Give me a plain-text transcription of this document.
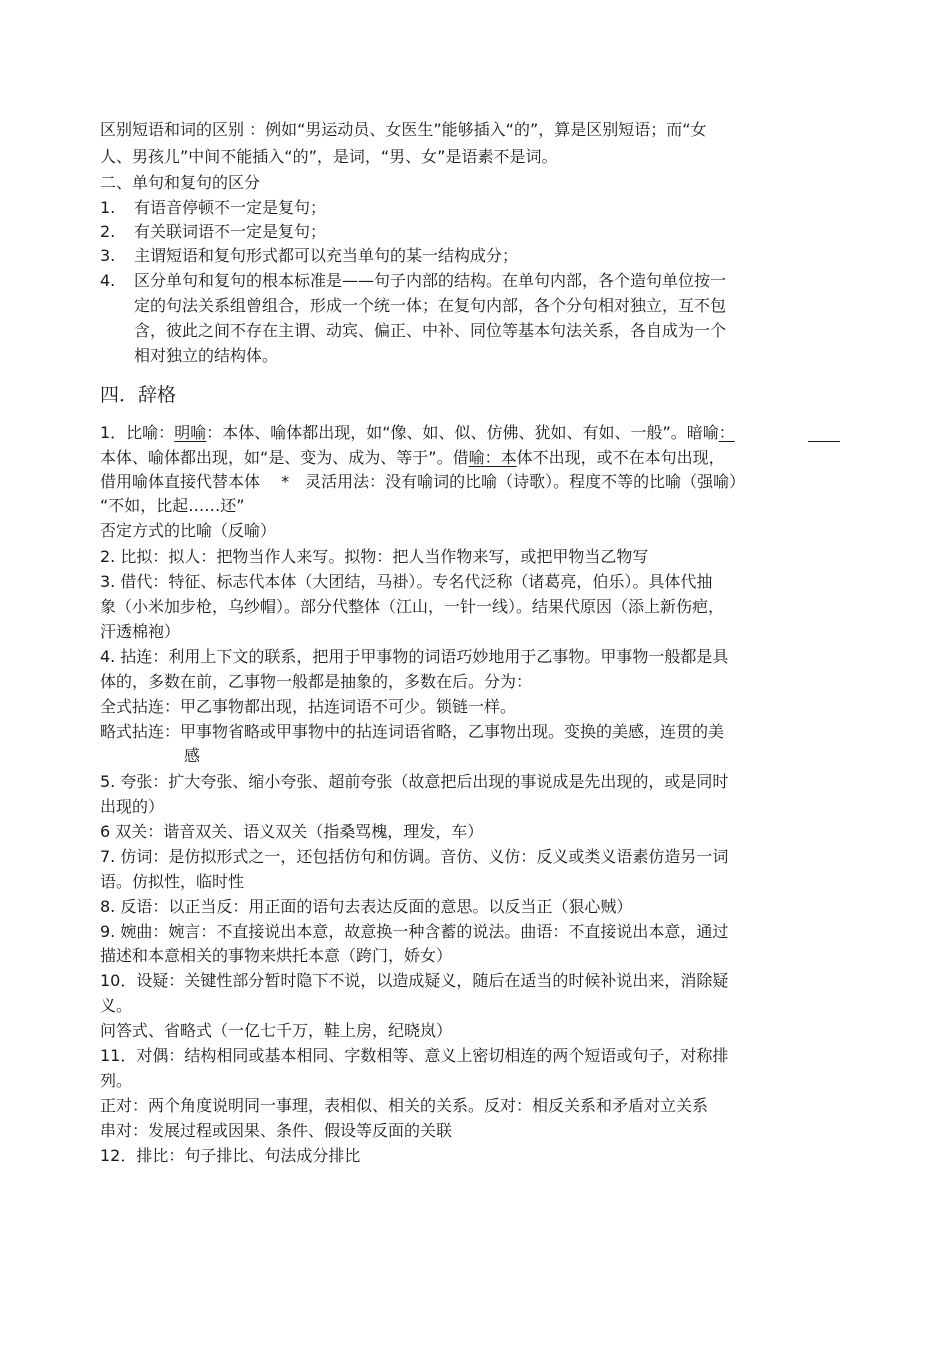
区别短语和词的区别 ：例如“男运动员、女医生”能够插入“的”，算是区别短语；而“女
人、男孩儿”中间不能插入“的”，是词，“男、女”是语素不是词。
二、单句和复句的区分
1. 有语音停顿不一定是复句；
2. 有关联词语不一定是复句；
3. 主谓短语和复句形式都可以充当单句的某一结构成分；
4. 区分单句和复句的根本标准是——句子内部的结构。在单句内部，各个造句单位按一
定的句法关系组曾组合，形成一个统一体；在复句内部，各个分句相对独立，互不包
含，彼此之间不存在主谓、动宾、偏正、中补、同位等基本句法关系，各自成为一个
相对独立的结构体。
四．辞格
1．比喻：明喻：本体、喻体都出现，如“像、如、似、仿佛、犹如、有如、一般”。暗喻：
本体、喻体都出现，如“是、变为、成为、等于”。借喻：本体不出现，或不在本句出现，
借用喻体直接代替本体　 *　灵活用法：没有喻词的比喻（诗歌）。程度不等的比喻（强喻）
“不如，比起……还”
否定方式的比喻（反喻）
2. 比拟：拟人：把物当作人来写。拟物：把人当作物来写，或把甲物当乙物写
3. 借代：特征、标志代本体（大团结，马褂）。专名代泛称（诸葛亮，伯乐）。具体代抽
象（小米加步枪，乌纱帽）。部分代整体（江山，一针一线）。结果代原因（添上新伤疤，
汗透棉袍）
4. 拈连：利用上下文的联系，把用于甲事物的词语巧妙地用于乙事物。甲事物一般都是具
体的，多数在前，乙事物一般都是抽象的，多数在后。分为：
全式拈连：甲乙事物都出现，拈连词语不可少。锁链一样。
略式拈连：甲事物省略或甲事物中的拈连词语省略，乙事物出现。变换的美感，连贯的美
感
5. 夸张：扩大夸张、缩小夸张、超前夸张（故意把后出现的事说成是先出现的，或是同时
出现的）
6 双关：谐音双关、语义双关（指桑骂槐，理发，车）
7. 仿词：是仿拟形式之一，还包括仿句和仿调。音仿、义仿：反义或类义语素仿造另一词
语。仿拟性，临时性
8. 反语：以正当反：用正面的语句去表达反面的意思。以反当正（狠心贼）
9. 婉曲：婉言：不直接说出本意，故意换一种含蓄的说法。曲语：不直接说出本意，通过
描述和本意相关的事物来烘托本意（跨门，娇女）
10．设疑：关键性部分暂时隐下不说，以造成疑义，随后在适当的时候补说出来，消除疑
义。
问答式、省略式（一亿七千万，鞋上房，纪晓岚）
11．对偶：结构相同或基本相同、字数相等、意义上密切相连的两个短语或句子，对称排
列。
正对：两个角度说明同一事理，表相似、相关的关系。反对：相反关系和矛盾对立关系
串对：发展过程或因果、条件、假设等反面的关联
12．排比：句子排比、句法成分排比
